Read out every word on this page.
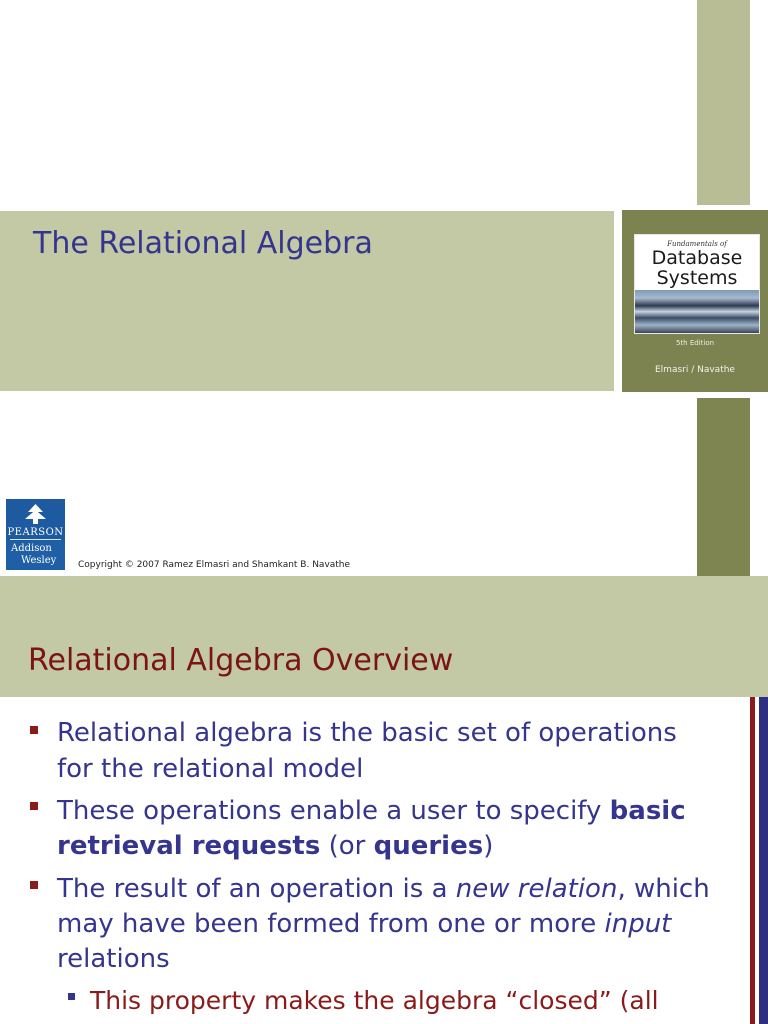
The Relational Algebra	Fundamentals of
Database
Systems
5th Edition
Elmasri / Navathe
PEARSON
Addison
Wesley Copyright © 2007 Ramez Elmasri and Shamkant B. Navathe
Relational Algebra Overview
Relational algebra is the basic set of operations
for the relational model
These operations enable a user to specify basic
retrieval requests (or queries)
The result of an operation is a new relation, which
may have been formed from one or more input
relations
This property makes the algebra “closed” (all
